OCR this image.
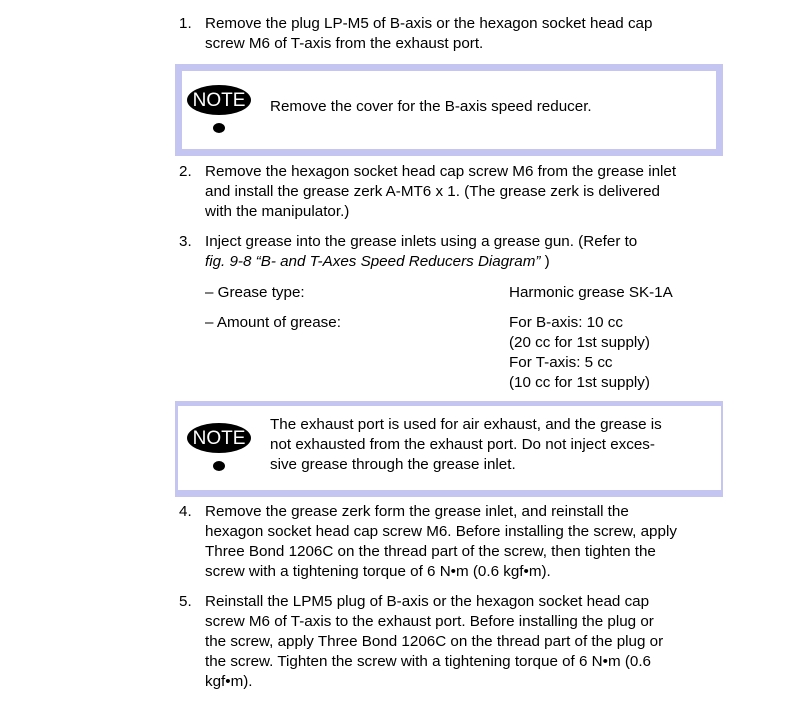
1. Remove the plug LP-M5 of B-axis or the hexagon socket head cap
screw M6 of T-axis from the exhaust port.
NOTE Remove the cover for the B-axis speed reducer.
2. Remove the hexagon socket head cap screw M6 from the grease inlet
and install the grease zerk A-MT6 x 1. (The grease zerk is delivered
with the manipulator.)
3. Inject grease into the grease inlets using a grease gun. (Refer to
fig. 9-8 “B- and T-Axes Speed Reducers Diagram” )
– Grease type:	Harmonic grease SK-1A
– Amount of grease:	For B-axis: 10 cc
(20 cc for 1st supply)
For T-axis: 5 cc
(10 cc for 1st supply)
NOTE
The exhaust port is used for air exhaust, and the grease is
not exhausted from the exhaust port. Do not inject exces-
sive grease through the grease inlet.
4. Remove the grease zerk form the grease inlet, and reinstall the
hexagon socket head cap screw M6. Before installing the screw, apply
Three Bond 1206C on the thread part of the screw, then tighten the
screw with a tightening torque of 6 N•m (0.6 kgf•m).
5. Reinstall the LPM5 plug of B-axis or the hexagon socket head cap
screw M6 of T-axis to the exhaust port. Before installing the plug or
the screw, apply Three Bond 1206C on the thread part of the plug or
the screw. Tighten the screw with a tightening torque of 6 N•m (0.6
kgf•m).
